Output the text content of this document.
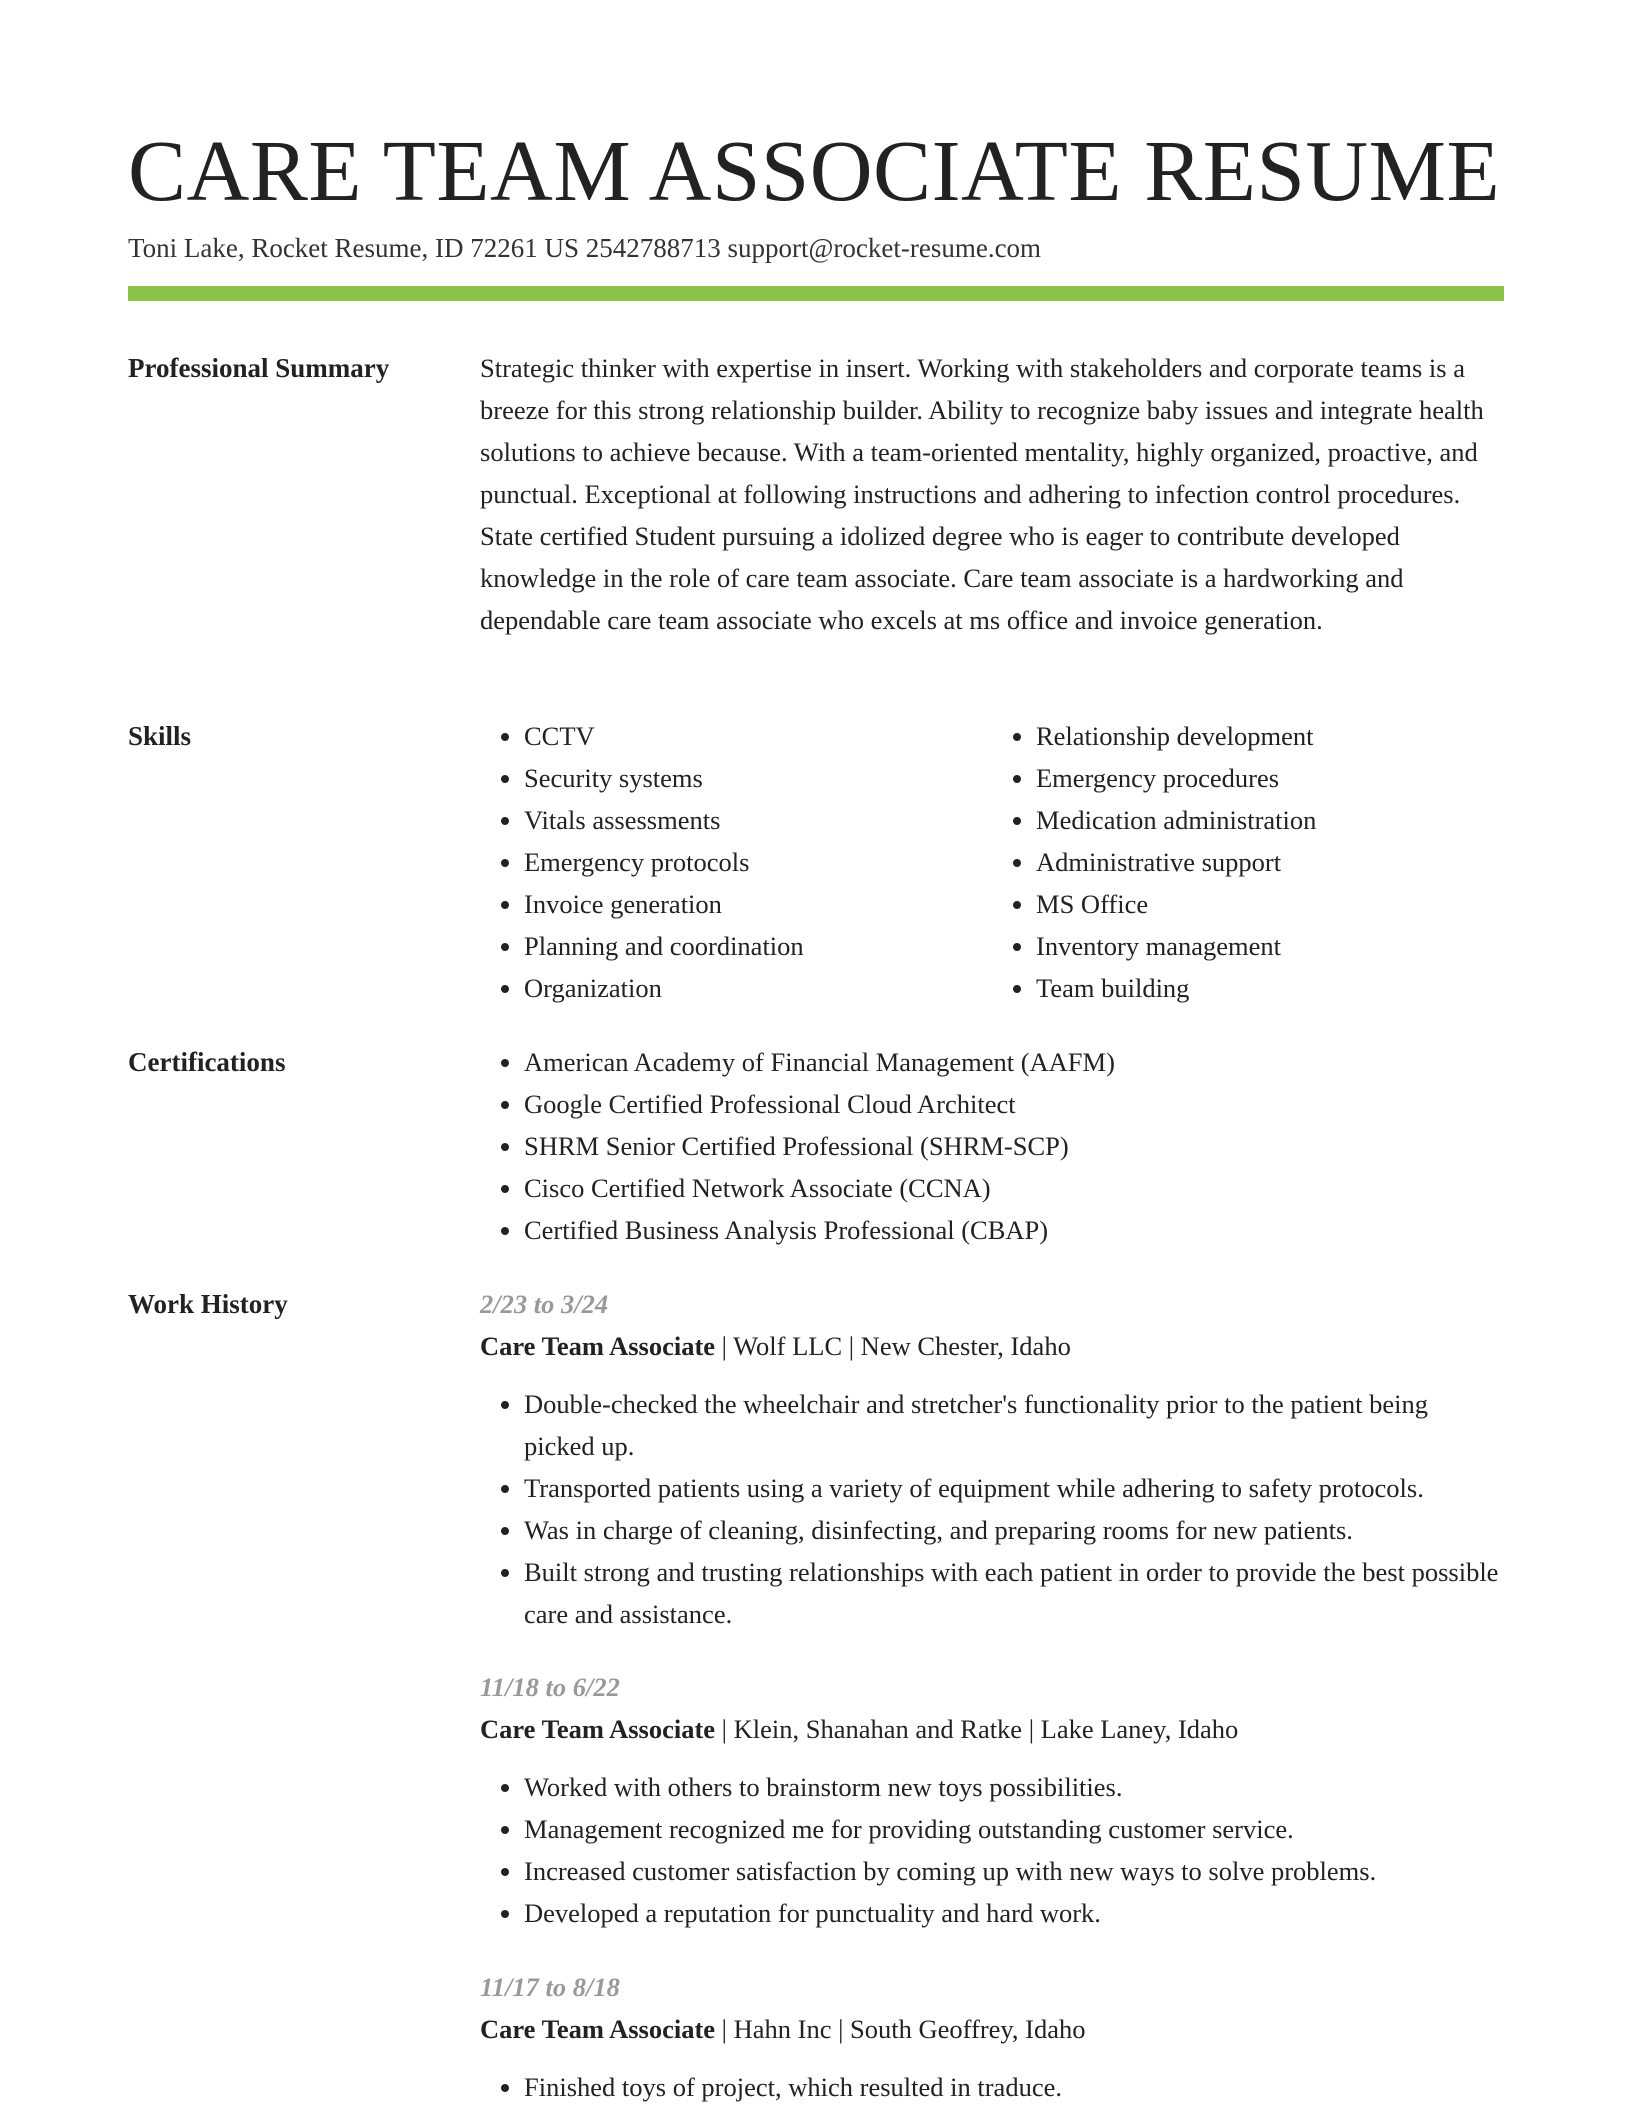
CARE TEAM ASSOCIATE RESUME
Toni Lake, Rocket Resume, ID 72261 US 2542788713 support@rocket-resume.com
Professional Summary	Strategic thinker with expertise in insert. Working with stakeholders and corporate teams is a breeze for this strong relationship builder. Ability to recognize baby issues and integrate health solutions to achieve because. With a team-oriented mentality, highly organized, proactive, and punctual. Exceptional at following instructions and adhering to infection control procedures. State certified Student pursuing a idolized degree who is eager to contribute developed knowledge in the role of care team associate. Care team associate is a hardworking and dependable care team associate who excels at ms office and invoice generation.

Skills	• CCTV
• Security systems
• Vitals assessments
• Emergency protocols
• Invoice generation
• Planning and coordination
• Organization
• Relationship development
• Emergency procedures
• Medication administration
• Administrative support
• MS Office
• Inventory management
• Team building
Certifications	• American Academy of Financial Management (AAFM)
• Google Certified Professional Cloud Architect
• SHRM Senior Certified Professional (SHRM-SCP)
• Cisco Certified Network Associate (CCNA)
• Certified Business Analysis Professional (CBAP)
Work History	2/23 to 3/24
Care Team Associate | Wolf LLC | New Chester, Idaho
• Double-checked the wheelchair and stretcher's functionality prior to the patient being picked up.
• Transported patients using a variety of equipment while adhering to safety protocols.
• Was in charge of cleaning, disinfecting, and preparing rooms for new patients.
• Built strong and trusting relationships with each patient in order to provide the best possible care and assistance.
11/18 to 6/22
Care Team Associate | Klein, Shanahan and Ratke | Lake Laney, Idaho
• Worked with others to brainstorm new toys possibilities.
• Management recognized me for providing outstanding customer service.
• Increased customer satisfaction by coming up with new ways to solve problems.
• Developed a reputation for punctuality and hard work.
11/17 to 8/18
Care Team Associate | Hahn Inc | South Geoffrey, Idaho
• Finished toys of project, which resulted in traduce.
